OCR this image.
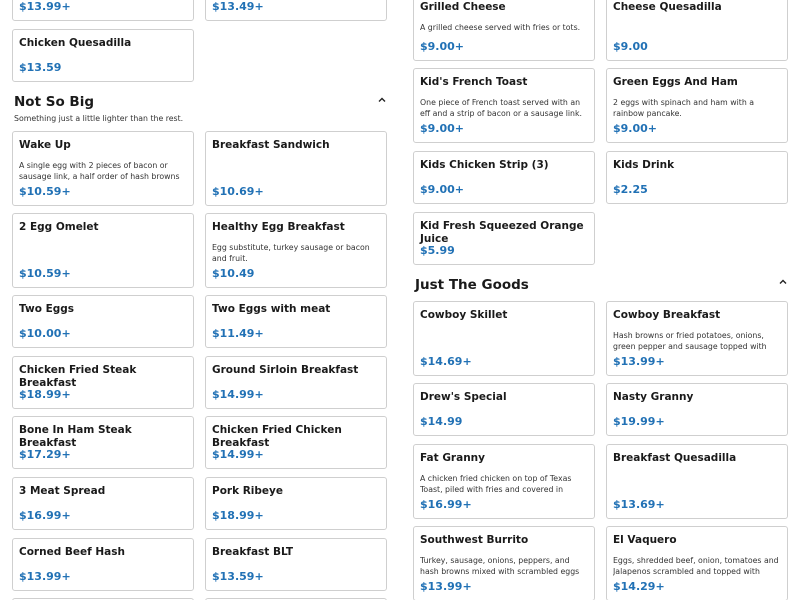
$13.99+	$13.49+
Chicken Quesadilla
$13.59
Not So Big
Something just a little lighter than the rest.
Wake Up
A single egg with 2 pieces of bacon or sausage link, a half order of hash browns
$10.59+
Breakfast Sandwich
$10.69+
2 Egg Omelet
$10.59+
Healthy Egg Breakfast
Egg substitute, turkey sausage or bacon and fruit.
$10.49
Two Eggs
$10.00+
Two Eggs with meat
$11.49+
Chicken Fried Steak Breakfast
$18.99+
Ground Sirloin Breakfast
$14.99+
Bone In Ham Steak Breakfast
$17.29+
Chicken Fried Chicken Breakfast
$14.99+
3 Meat Spread
$16.99+
Pork Ribeye
$18.99+
Corned Beef Hash
$13.99+
Breakfast BLT
$13.59+
Grilled Cheese
A grilled cheese served with fries or tots.
$9.00+
Cheese Quesadilla
$9.00
Kid's French Toast
One piece of French toast served with an eff and a strip of bacon or a sausage link.
$9.00+
Green Eggs And Ham
2 eggs with spinach and ham with a rainbow pancake.
$9.00+
Kids Chicken Strip (3)
$9.00+
Kids Drink
$2.25
Kid Fresh Squeezed Orange Juice
$5.99
Just The Goods
Cowboy Skillet
$14.69+
Cowboy Breakfast
Hash browns or fried potatoes, onions, green pepper and sausage topped with
$13.99+
Drew's Special
$14.99
Nasty Granny
$19.99+
Fat Granny
A chicken fried chicken on top of Texas Toast, piled with fries and covered in
$16.99+
Breakfast Quesadilla
$13.69+
Southwest Burrito
Turkey, sausage, onions, peppers, and hash browns mixed with scrambled eggs
$13.99+
El Vaquero
Eggs, shredded beef, onion, tomatoes and Jalapenos scrambled and topped with
$14.29+
